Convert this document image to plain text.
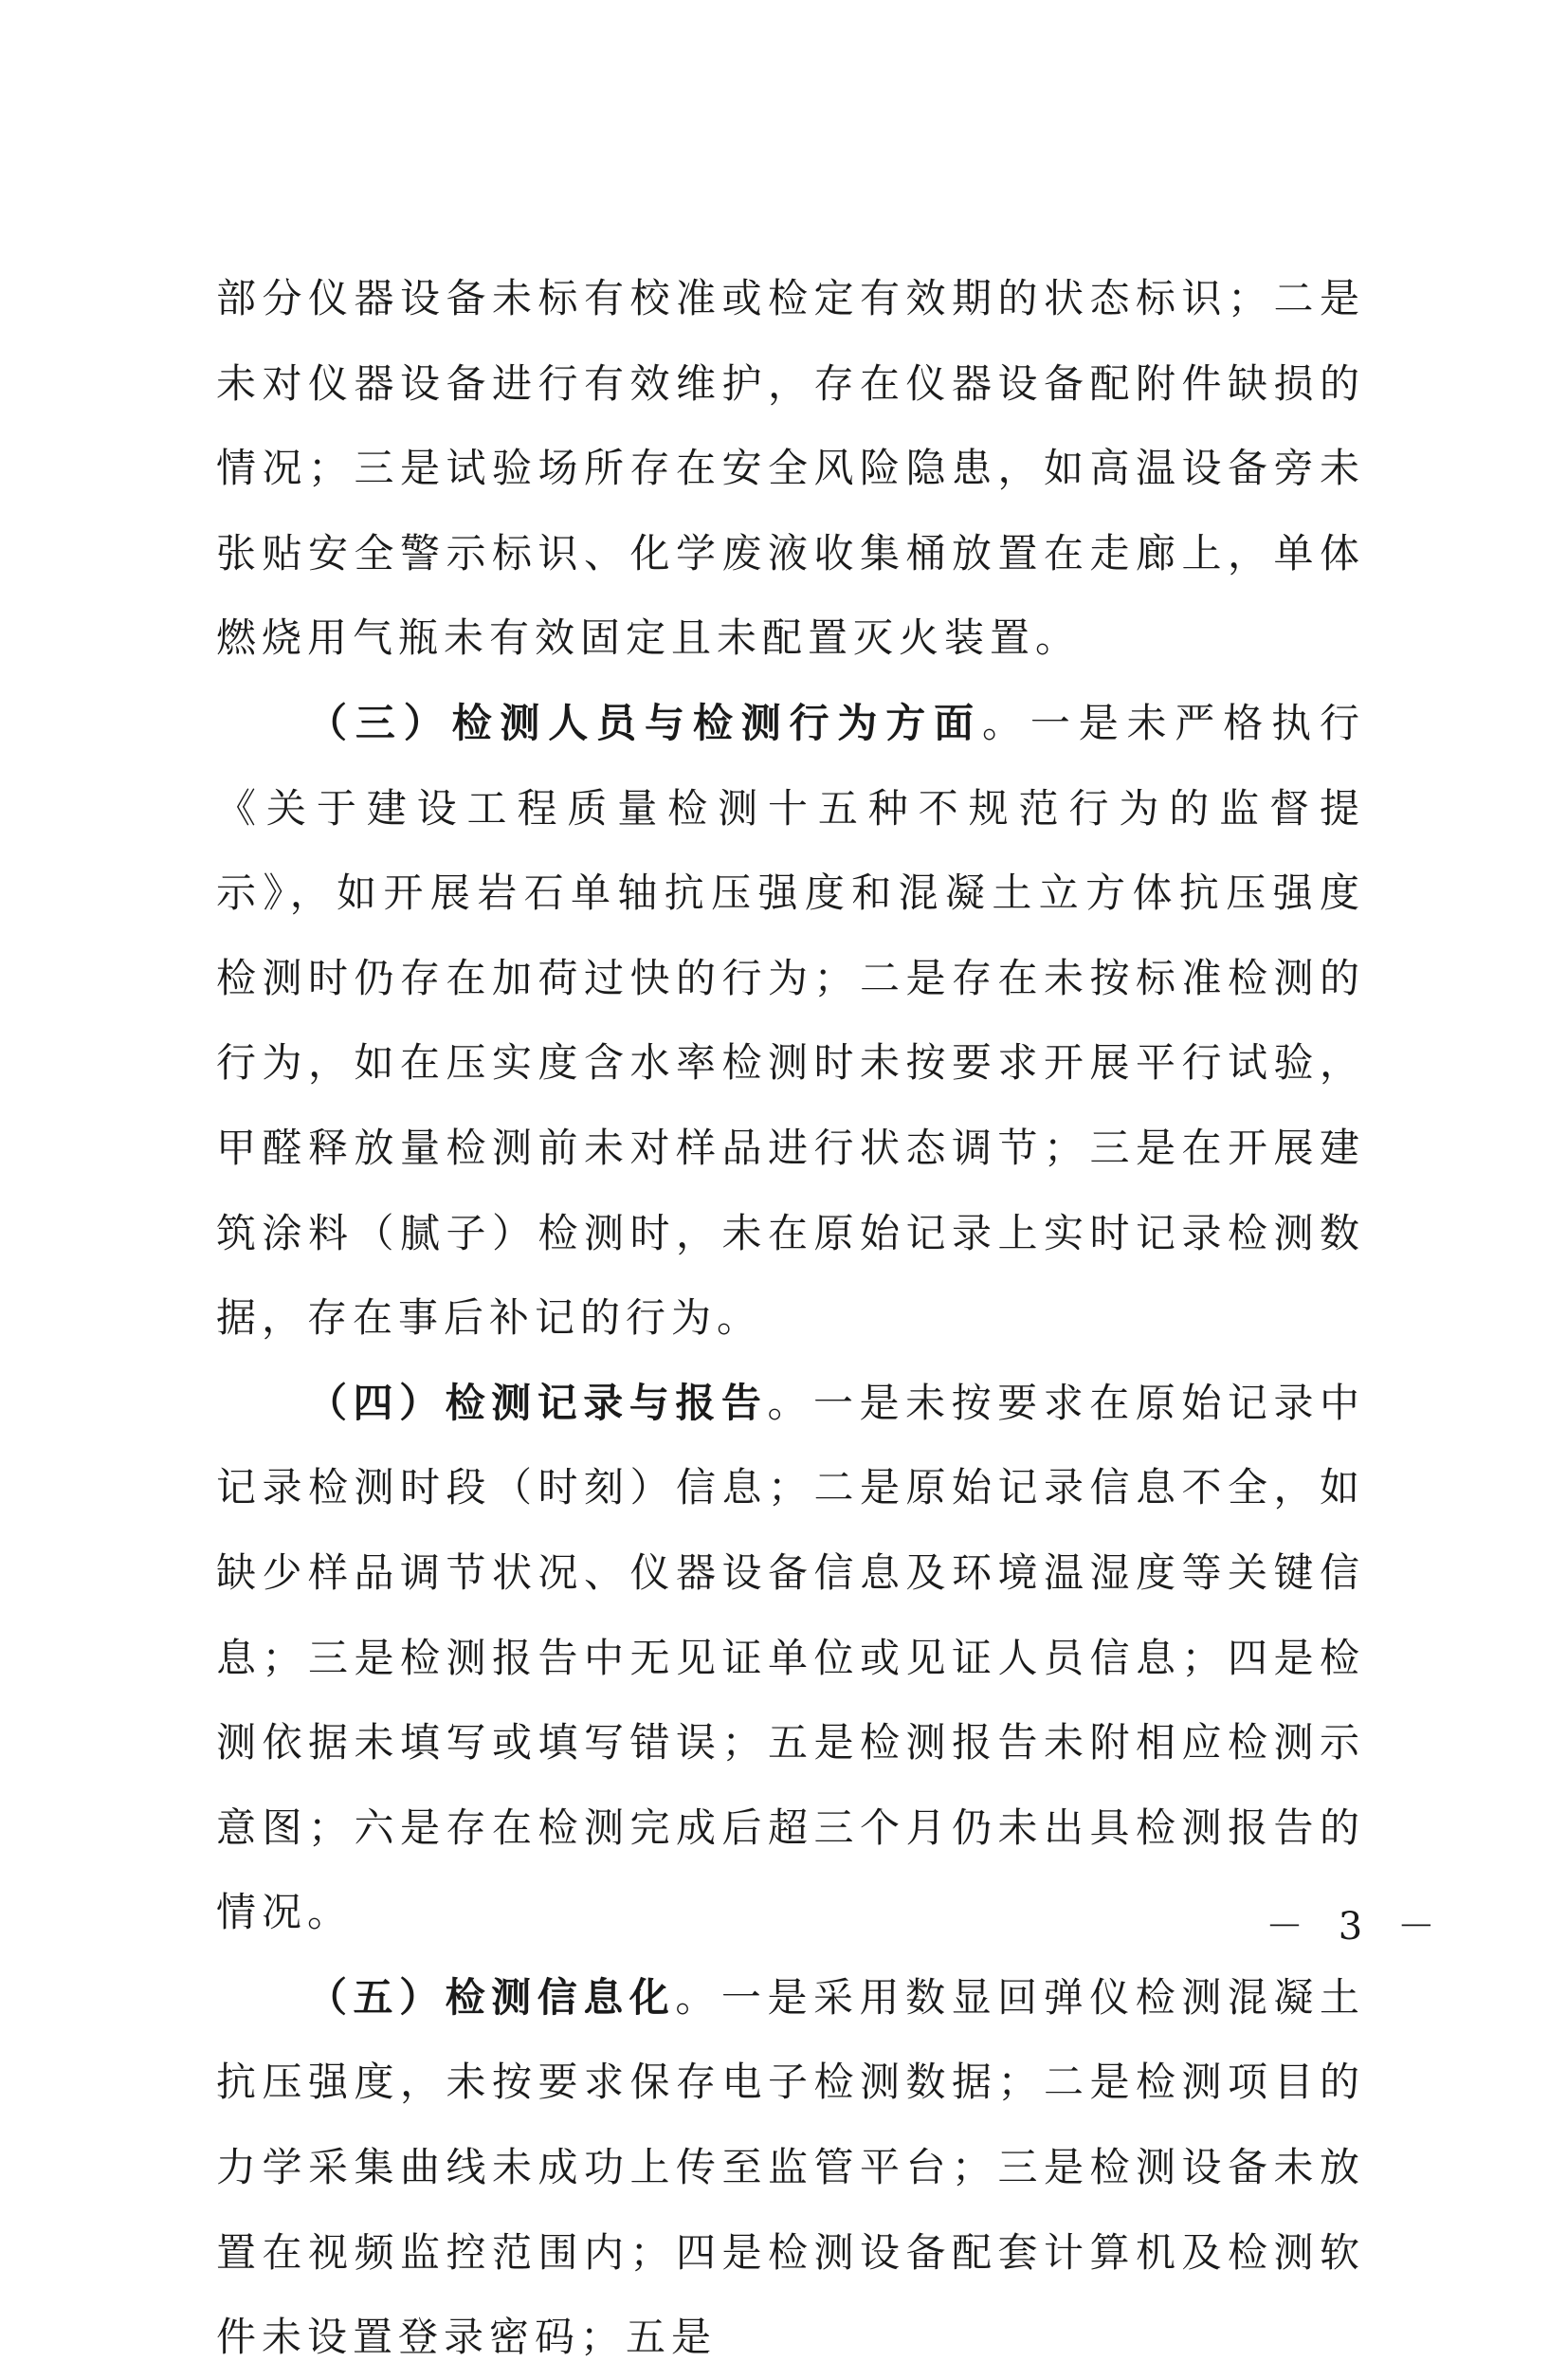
部分仪器设备未标有校准或检定有效期的状态标识；二是未对仪器设备进行有效维护，存在仪器设备配附件缺损的情况；三是试验场所存在安全风险隐患，如高温设备旁未张贴安全警示标识、化学废液收集桶放置在走廊上，单体燃烧用气瓶未有效固定且未配置灭火装置。

（三）检测人员与检测行为方面。一是未严格执行《关于建设工程质量检测十五种不规范行为的监督提示》，如开展岩石单轴抗压强度和混凝土立方体抗压强度检测时仍存在加荷过快的行为；二是存在未按标准检测的行为，如在压实度含水率检测时未按要求开展平行试验，甲醛释放量检测前未对样品进行状态调节；三是在开展建筑涂料（腻子）检测时，未在原始记录上实时记录检测数据，存在事后补记的行为。

（四）检测记录与报告。一是未按要求在原始记录中记录检测时段（时刻）信息；二是原始记录信息不全，如缺少样品调节状况、仪器设备信息及环境温湿度等关键信息；三是检测报告中无见证单位或见证人员信息；四是检测依据未填写或填写错误；五是检测报告未附相应检测示意图；六是存在检测完成后超三个月仍未出具检测报告的情况。

（五）检测信息化。一是采用数显回弹仪检测混凝土抗压强度，未按要求保存电子检测数据；二是检测项目的力学采集曲线未成功上传至监管平台；三是检测设备未放置在视频监控范围内；四是检测设备配套计算机及检测软件未设置登录密码；五是

－ 3 －
